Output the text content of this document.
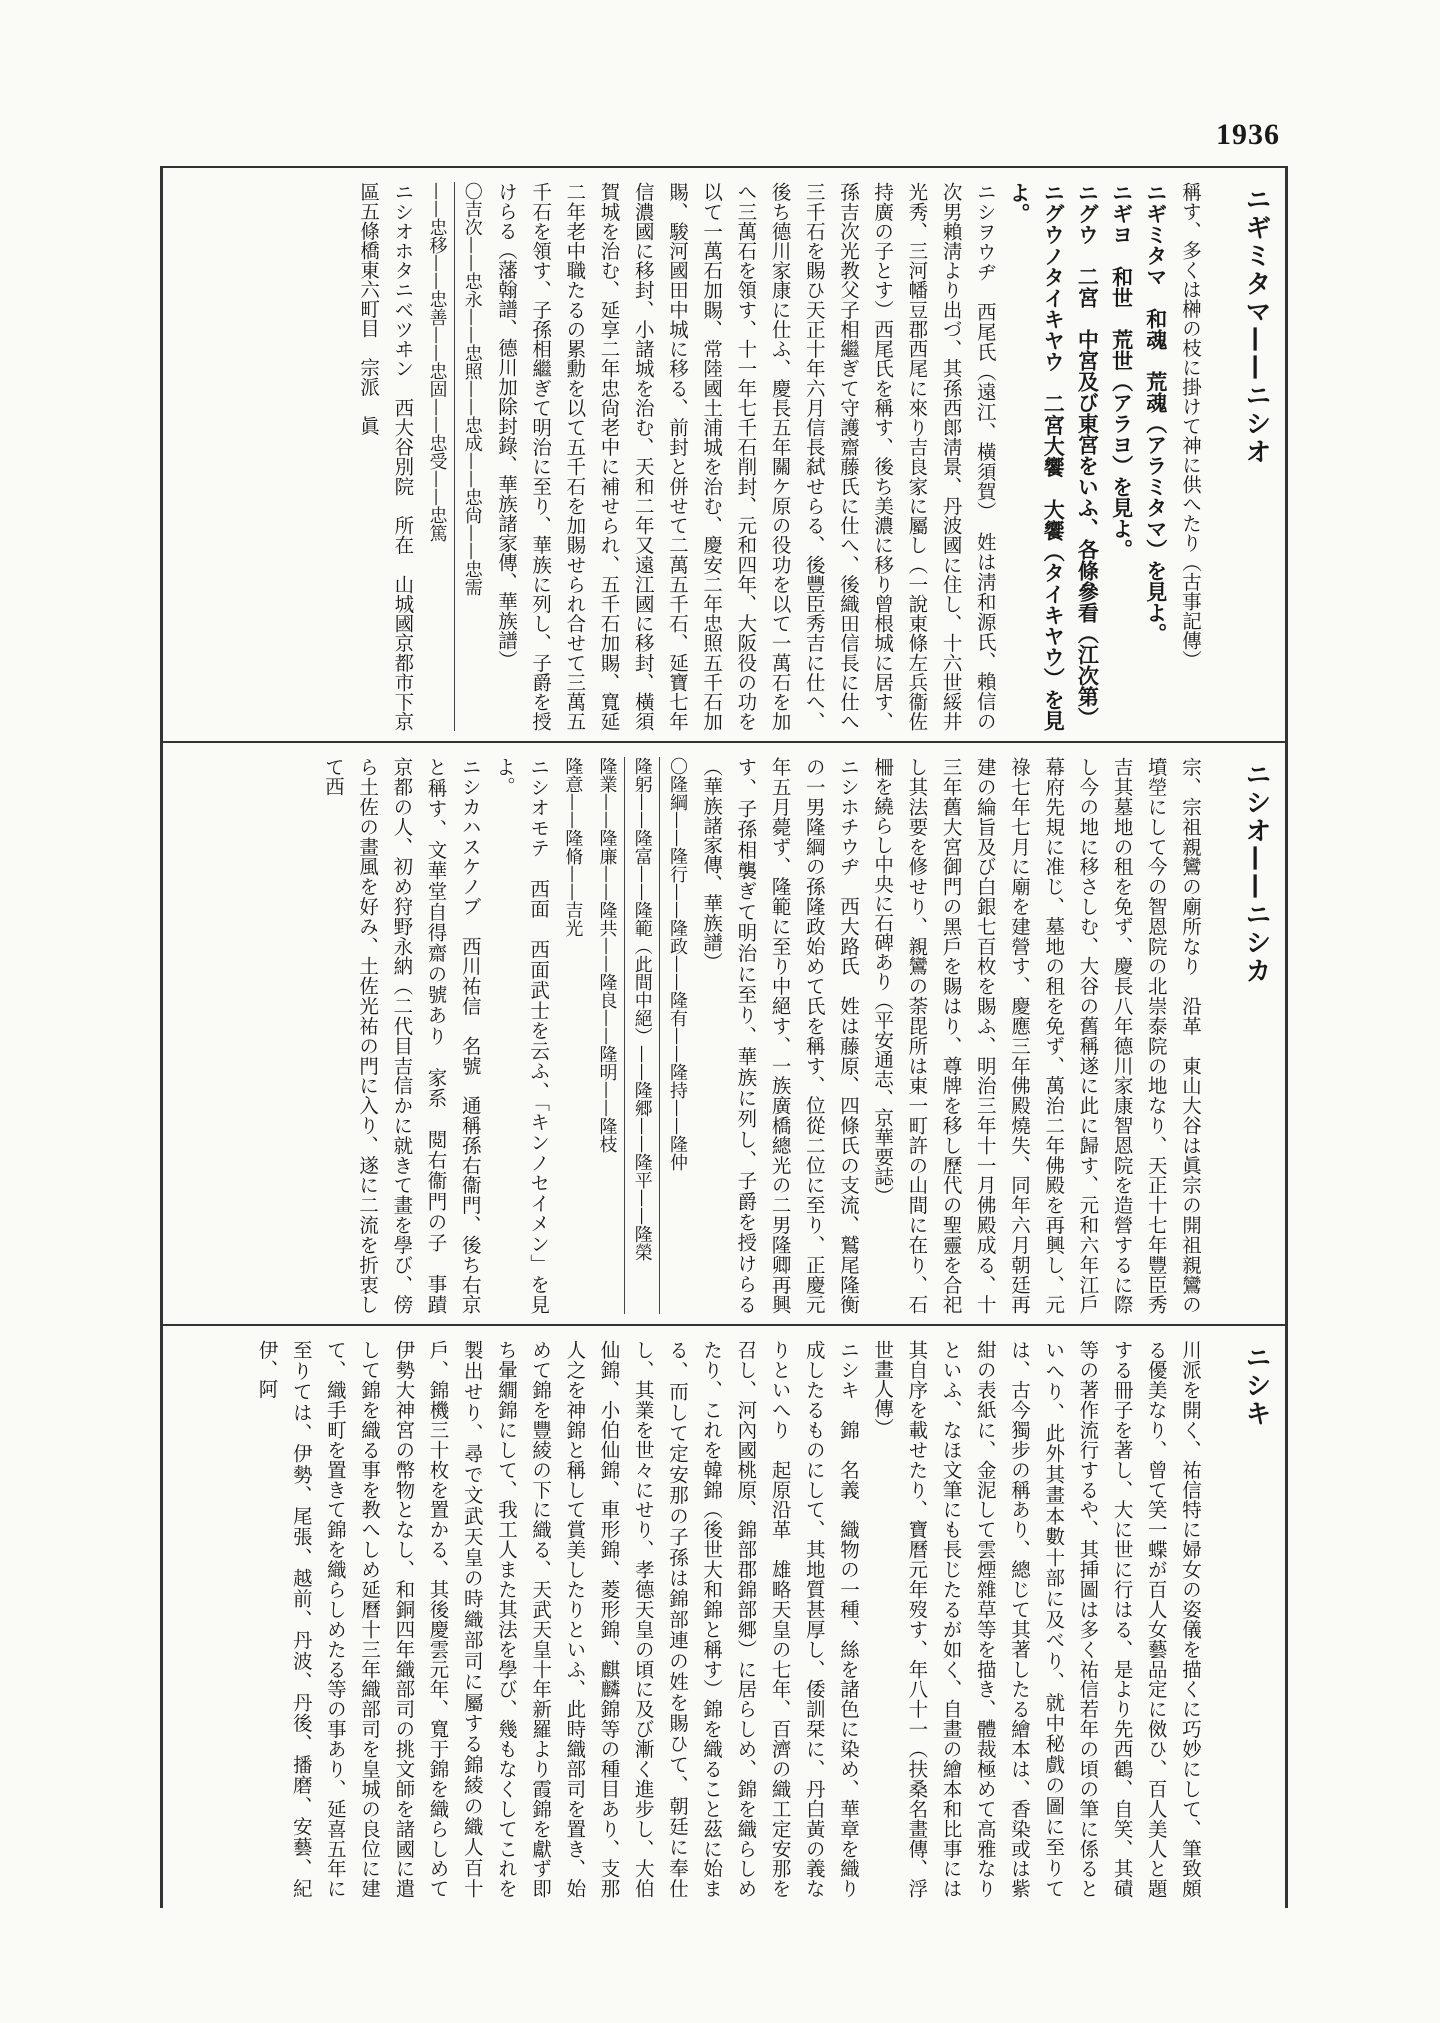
1936
ニギミタマ——ニシオ

稱す、多くは榊の枝に掛けて神に供へたり（古事記傳）

ニギミタマ　和魂　荒魂（アラミタマ）を見よ。

ニギヨ　和世　荒世（アラヨ）を見よ。

ニグウ　二宮　中宮及び東宮をいふ、各條參看（江次第）

ニグウノタイキヤウ　二宮大饗　大饗（タイキヤウ）を見よ。

ニシヲウヂ　西尾氏（遠江、橫須賀）　姓は淸和源氏、賴信の次男賴淸より出づ、其孫西郞淸景、丹波國に住し、十六世綏井光秀、三河幡豆郡西尾に來り吉良家に屬し（一說東條左兵衞佐持廣の子とす）西尾氏を稱す、後ち美濃に移り曾根城に居す、孫吉次光教父子相繼ぎて守護齋藤氏に仕へ、後織田信長に仕へ三千石を賜ひ天正十年六月信長弑せらる、後豐臣秀吉に仕へ、後ち德川家康に仕ふ、慶長五年關ケ原の役功を以て一萬石を加へ三萬石を領す、十一年七千石削封、元和四年、大阪役の功を以て一萬石加賜、常陸國土浦城を治む、慶安二年忠照五千石加賜、駿河國田中城に移る、前封と併せて二萬五千石、延寶七年信濃國に移封、小諸城を治む、天和二年又遠江國に移封、橫須賀城を治む、延享二年忠尙老中に補せられ、五千石加賜、寬延二年老中職たるの累勳を以て五千石を加賜せられ合せて三萬五千石を領す、子孫相繼ぎて明治に至り、華族に列し、子爵を授けらる（藩翰譜、德川加除封錄、華族諸家傳、華族譜）

〇吉次——忠永——忠照——忠成——忠尙——忠需

——忠移——忠善——忠固——忠受——忠篤

ニシオホタニベツヰン　西大谷別院　所在　山城國京都市下京區五條橋東六町目　宗派　眞

ニシオ——ニシカ

宗、宗祖親鸞の廟所なり　沿革　東山大谷は眞宗の開祖親鸞の墳塋にして今の智恩院の北崇泰院の地なり、天正十七年豐臣秀吉其墓地の租を免ず、慶長八年德川家康智恩院を造營するに際し今の地に移さしむ、大谷の舊稱遂に此に歸す、元和六年江戶幕府先規に准じ、墓地の租を免ず、萬治二年佛殿を再興し、元祿七年七月に廟を建營す、慶應三年佛殿燒失、同年六月朝廷再建の綸旨及び白銀七百枚を賜ふ、明治三年十一月佛殿成る、十三年舊大宮御門の黑戶を賜はり、尊牌を移し歷代の聖靈を合祀し其法要を修せり、親鸞の荼毘所は東一町許の山間に在り、石柵を繞らし中央に石碑あり（平安通志、京華要誌）

ニシホチウヂ　西大路氏　姓は藤原、四條氏の支流、鷲尾隆衡の一男隆綱の孫隆政始めて氏を稱す、位從二位に至り、正慶元年五月薨ず、隆範に至り中絕す、一族廣橋總光の二男隆卿再興す、子孫相襲ぎて明治に至り、華族に列し、子爵を授けらる（華族諸家傳、華族譜）

〇隆綱——隆行——隆政——隆有——隆持——隆仲

隆躬——隆富——隆範（此間中絕）——隆郷——隆平——隆榮

隆業——隆廉——隆共——隆良——隆明——隆枝

隆意——隆脩——吉光

ニシオモテ　西面　西面武士を云ふ、「キンノセイメン」を見よ。

ニシカハスケノブ　西川祐信　名號　通稱孫右衞門、後ち右京と稱す、文華堂自得齋の號あり　家系　閲右衞門の子　事蹟　京都の人、初め狩野永納（二代目吉信かに就きて畫を學び、傍ら土佐の畫風を好み、土佐光祐の門に入り、遂に二流を折衷して西

ニシキ

川派を開く、祐信特に婦女の姿儀を描くに巧妙にして、筆致頗る優美なり、曾て笑一蝶が百人女藝品定に傚ひ、百人美人と題する冊子を著し、大に世に行はる、是より先西鶴、自笑、其磧等の著作流行するや、其挿圖は多く祐信若年の頃の筆に係るといへり、此外其畫本數十部に及べり、就中秘戲の圖に至りては、古今獨步の稱あり、總じて其著したる繪本は、香染或は紫紺の表紙に、金泥して雲煙雜草等を描き、體裁極めて高雅なりといふ、なほ文筆にも長じたるが如く、自畫の繪本和比事には其自序を載せたり、寶曆元年歿す、年八十一（扶桑名畫傳、浮世畫人傳）

ニシキ　錦　名義　織物の一種、絲を諸色に染め、華章を織り成したるものにして、其地質甚厚し、倭訓栞に、丹白黃の義なりといへり　起原沿革　雄略天皇の七年、百濟の織工定安那を召し、河內國桃原、錦部郡錦部郷）に居らしめ、錦を織らしめたり、これを韓錦（後世大和錦と稱す）錦を織ること茲に始まる、而して定安那の子孫は錦部連の姓を賜ひて、朝廷に奉仕し、其業を世々にせり、孝德天皇の頃に及び漸く進步し、大伯仙錦、小伯仙錦、車形錦、菱形錦、麒麟錦等の種目あり、支那人之を神錦と稱して賞美したりといふ、此時織部司を置き、始めて錦を豐綾の下に織る、天武天皇十年新羅より霞錦を獻ず即ち暈繝錦にして、我工人また其法を學び、幾もなくしてこれを製出せり、尋で文武天皇の時織部司に屬する錦綾の織人百十戶、錦機三十枚を置かる、其後慶雲元年、寬于錦を織らしめて伊勢大神宮の幣物となし、和銅四年織部司の挑文師を諸國に遣して錦を織る事を教へしめ延曆十三年織部司を皇城の良位に建て、織手町を置きて錦を織らしめたる等の事あり、延喜五年に至りては、伊勢、尾張、越前、丹波、丹後、播磨、安藝、紀伊、阿
